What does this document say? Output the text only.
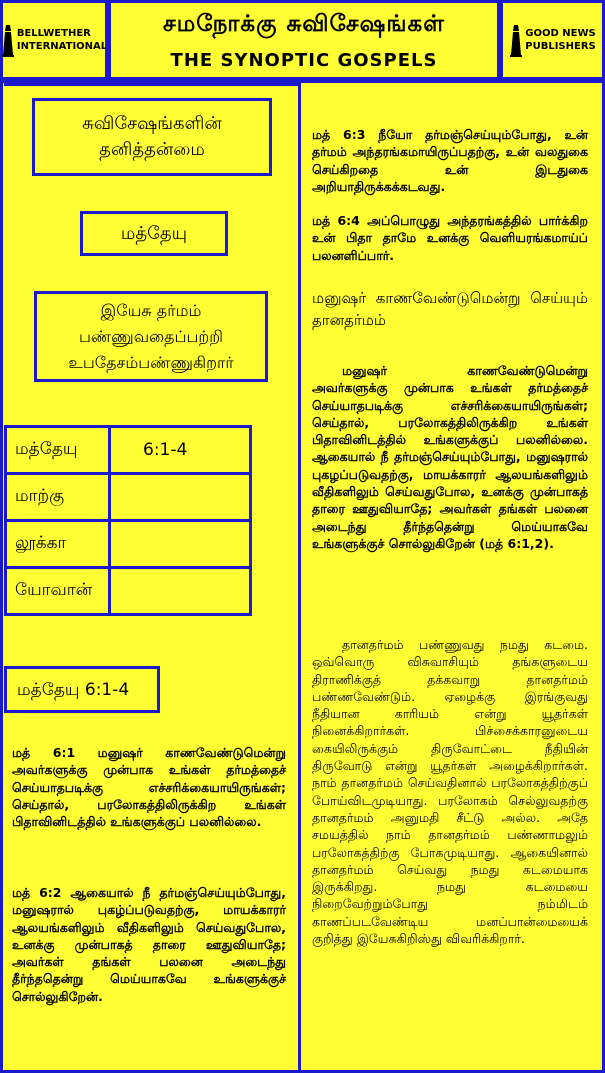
BELLWETHER
INTERNATIONAL
சமநோக்கு சுவிசேஷங்கள்
THE SYNOPTIC GOSPELS
GOOD NEWS
PUBLISHERS
சுவிசேஷங்களின் தனித்தன்மை
மத்தேயு
இயேசு தர்மம் பண்ணுவதைப்பற்றி உபதேசம்பண்ணுகிறார்
மத்தேயு	6:1-4
மாற்கு	
லூக்கா	
யோவான்	
மத்தேயு 6:1-4
மத் 6:1 மனுஷர் காணவேண்டுமென்று அவர்களுக்கு முன்பாக உங்கள் தர்மத்தைச் செய்யாதபடிக்கு எச்சரிக்கையாயிருங்கள்; செய்தால், பரலோகத்திலிருக்கிற உங்கள் பிதாவினிடத்தில் உங்களுக்குப் பலனில்லை.
மத் 6:2 ஆகையால் நீ தர்மஞ்செய்யும்போது, மனுஷரால் புகழ்ப்படுவதற்கு, மாயக்காரர் ஆலயங்களிலும் வீதிகளிலும் செய்வதுபோல, உனக்கு முன்பாகத் தாரை ஊதுவியாதே; அவர்கள் தங்கள் பலனை அடைந்து தீர்ந்ததென்று மெய்யாகவே உங்களுக்குச் சொல்லுகிறேன்.
மத் 6:3 நீயோ தர்மஞ்செய்யும்போது, உன் தர்மம் அந்தரங்கமாயிருப்பதற்கு, உன் வலதுகை செய்கிறதை உன் இடதுகை அறியாதிருக்கக்கடவது.
மத் 6:4 அப்பொழுது அந்தரங்கத்தில் பார்க்கிற உன் பிதா தாமே உனக்கு வெளியரங்கமாய்ப் பலனளிப்பார்.
மனுஷர் காணவேண்டுமென்று செய்யும் தானதர்மம்
மனுஷர் காணவேண்டுமென்று அவர்களுக்கு முன்பாக உங்கள் தர்மத்தைச் செய்யாதபடிக்கு எச்சரிக்கையாயிருங்கள்; செய்தால், பரலோகத்திலிருக்கிற உங்கள் பிதாவினிடத்தில் உங்களுக்குப் பலனில்லை. ஆகையால் நீ தர்மஞ்செய்யும்போது, மனுஷரால் புகழப்படுவதற்கு, மாயக்காரர் ஆலயங்களிலும் வீதிகளிலும் செய்வதுபோல, உனக்கு முன்பாகத் தாரை ஊதுவியாதே; அவர்கள் தங்கள் பலனை அடைந்து தீர்ந்ததென்று மெய்யாகவே உங்களுக்குச் சொல்லுகிறேன் (மத் 6:1,2).
தானதர்மம் பண்ணுவது நமது கடமை. ஒவ்வொரு விசுவாசியும் தங்களுடைய திராணிக்குத் தக்கவாறு தானதர்மம் பண்ணவேண்டும். ஏழைக்கு இரங்குவது நீதியான காரியம் என்று யூதர்கள் நினைக்கிறார்கள். பிச்சைக்காரனுடைய கையிலிருக்கும் திருவோட்டை நீதியின் திருவோடு என்று யூதர்கள் அழைக்கிறார்கள். நாம் தானதர்மம் செய்வதினால் பரலோகத்திற்குப் போய்விடமுடியாது. பரலோகம் செல்லுவதற்கு தானதர்மம் அனுமதி சீட்டு அல்ல. அதே சமயத்தில் நாம் தானதர்மம் பண்ணாமலும் பரலோகத்திற்கு போகமுடியாது. ஆகையினால் தானதர்மம் செய்வது நமது கடமையாக இருக்கிறது. நமது கடமையை நிறைவேற்றும்போது நம்மிடம் காணப்படவேண்டிய மனப்பான்மையைக் குறித்து இயேசுகிறிஸ்து விவரிக்கிறார்.
